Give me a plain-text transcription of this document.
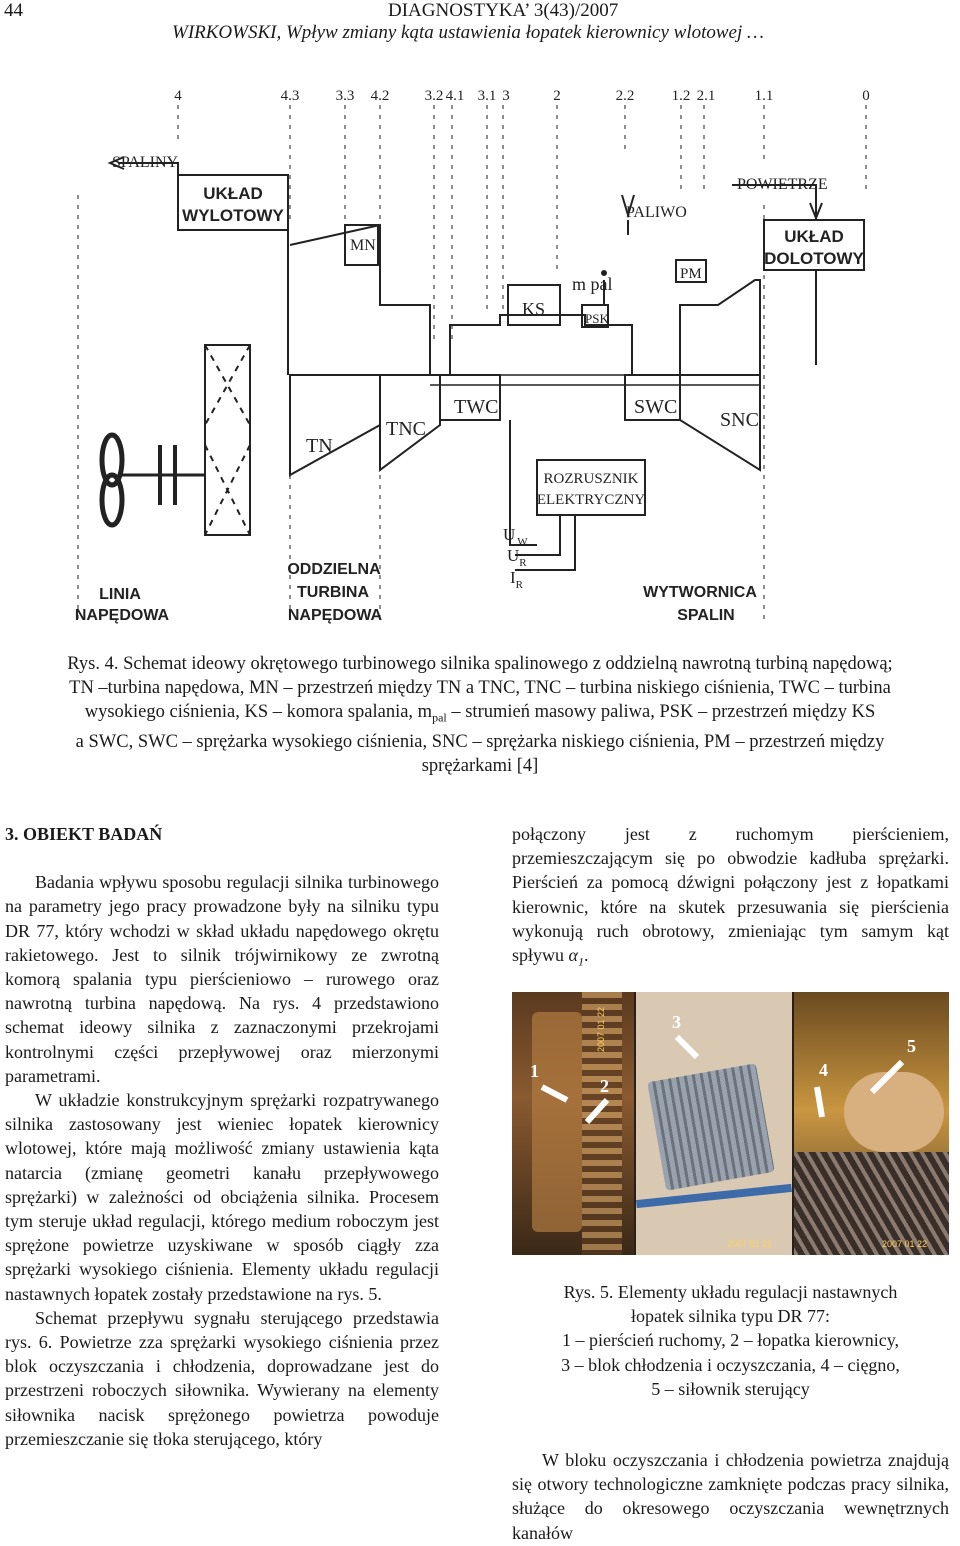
44	DIAGNOSTYKA’ 3(43)/2007
WIRKOWSKI, Wpływ zmiany kąta ustawienia łopatek kierownicy wlotowej …
4	4.3 3.3 4.2 3.2 4.1 3.1 3	2	2.2 1.2 2.1	1.1	0
SPALINY
UKŁAD
WYLOTOWY
MN
PALIWO
POWIETRZE
UKŁAD
DOLOTOWY
KS
m pal
PSK
PM
TN
TNC
TWC	SWC
SNC
ROZRUSZNIK
ELEKTRYCZNY
U $_W$
$U_R$
$I_R$
LINIA
NAPĘDOWA
ODDZIELNA
TURBINA
NAPĘDOWA
WYTWORNICA
SPALIN
Rys. 4. Schemat ideowy okrętowego turbinowego silnika spalinowego z oddzielną nawrotną turbiną napędową;
TN –turbina napędowa, MN – przestrzeń między TN a TNC, TNC – turbina niskiego ciśnienia, TWC – turbina
wysokiego ciśnienia, KS – komora spalania, $m_{pal}$ – strumień masowy paliwa, PSK – przestrzeń między KS
a SWC, SWC – sprężarka wysokiego ciśnienia, SNC – sprężarka niskiego ciśnienia, PM – przestrzeń między
sprężarkami [4]

3. OBIEKT BADAŃ

Badania wpływu sposobu regulacji silnika turbinowego na parametry jego pracy prowadzone były na silniku typu DR 77, który wchodzi w skład układu napędowego okrętu rakietowego. Jest to silnik trójwirnikowy ze zwrotną komorą spalania typu pierścieniowo – rurowego oraz nawrotną turbina napędową. Na rys. 4 przedstawiono schemat ideowy silnika z zaznaczonymi przekrojami kontrolnymi części przepływowej oraz mierzonymi parametrami.

W układzie konstrukcyjnym sprężarki rozpatrywanego silnika zastosowany jest wieniec łopatek kierownicy wlotowej, które mają możliwość zmiany ustawienia kąta natarcia (zmianę geometri kanału przepływowego sprężarki) w zależności od obciążenia silnika. Procesem tym steruje układ regulacji, którego medium roboczym jest sprężone powietrze uzyskiwane w sposób ciągły zza sprężarki wysokiego ciśnienia. Elementy układu regulacji nastawnych łopatek zostały przedstawione na rys. 5.

Schemat przepływu sygnału sterującego przedstawia rys. 6. Powietrze zza sprężarki wysokiego ciśnienia przez blok oczyszczania i chłodzenia, doprowadzane jest do przestrzeni roboczych siłownika. Wywierany na elementy siłownika nacisk sprężonego powietrza powoduje przemieszczanie się tłoka sterującego, który

połączony jest z ruchomym pierścieniem, przemieszczającym się po obwodzie kadłuba sprężarki. Pierścień za pomocą dźwigni połączony jest z łopatkami kierownic, które na skutek przesuwania się pierścienia wykonują ruch obrotowy, zmieniając tym samym kąt spływu $\alpha_1$.

1
2
3
4
5
2007 01 22
2007 01 22	2007 01 22
Rys. 5. Elementy układu regulacji nastawnych
łopatek silnika typu DR 77:
1 – pierścień ruchomy, 2 – łopatka kierownicy,
3 – blok chłodzenia i oczyszczania, 4 – cięgno,
5 – siłownik sterujący

W bloku oczyszczania i chłodzenia powietrza znajdują się otwory technologiczne zamknięte podczas pracy silnika, służące do okresowego oczyszczania wewnętrznych kanałów
